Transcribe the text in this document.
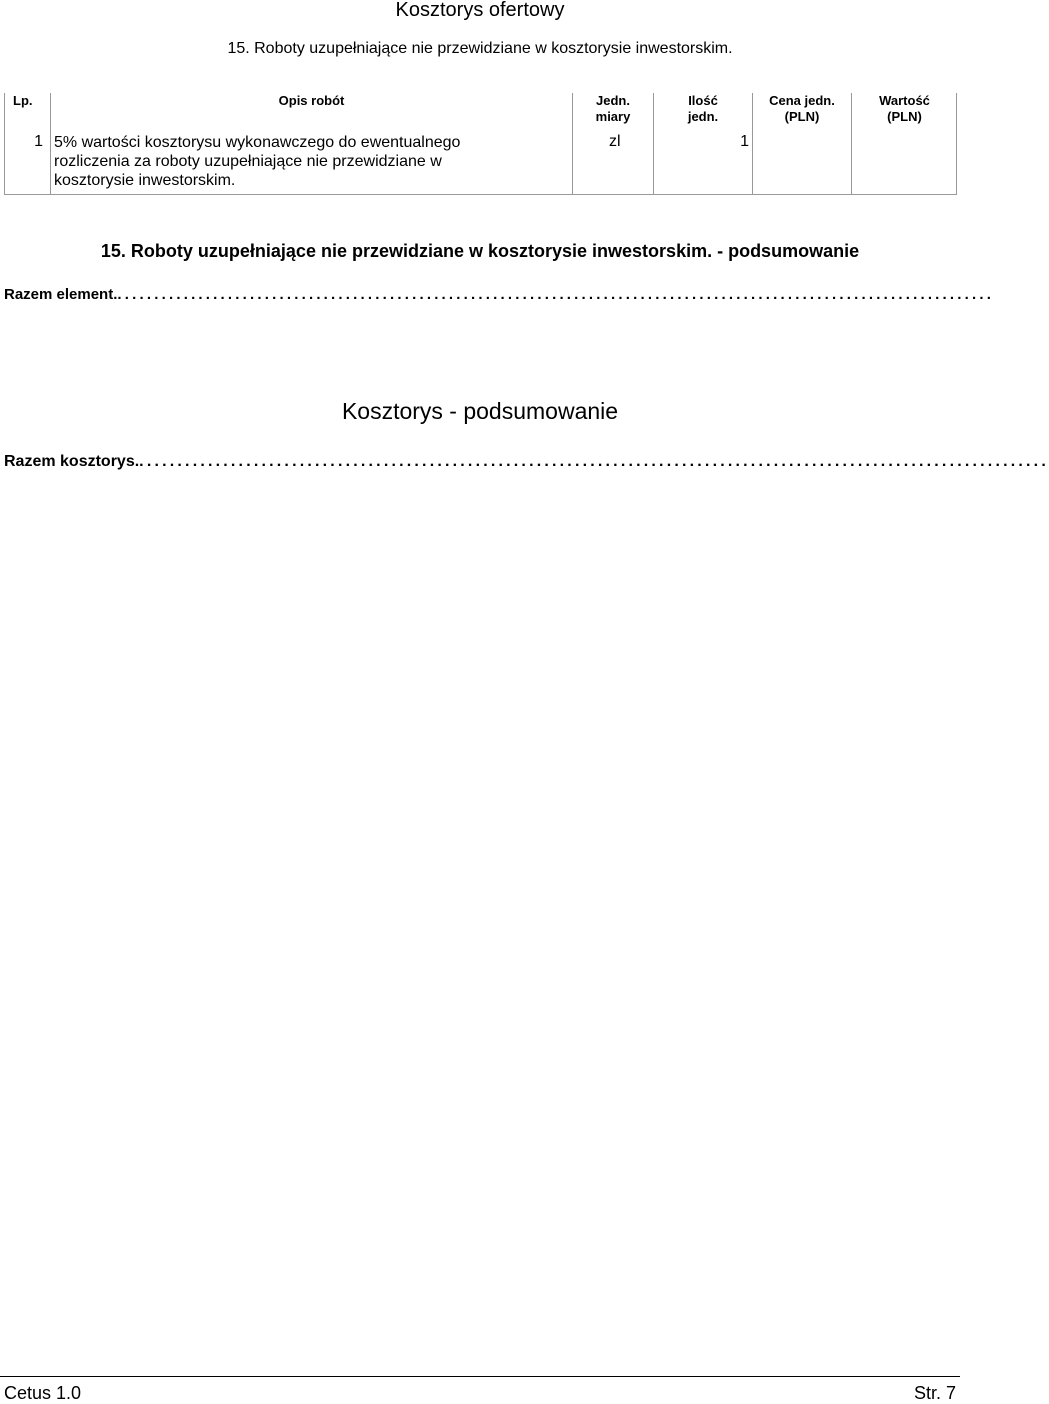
Kosztorys ofertowy
15. Roboty uzupełniające nie przewidziane w kosztorysie inwestorskim.
Lp.
1
Opis robót
5% wartości kosztorysu wykonawczego do ewentualnego rozliczenia za roboty uzupełniające nie przewidziane w kosztorysie inwestorskim.
Jedn.
miary
zl
Ilość
jedn.
1
Cena jedn.
(PLN)
Wartość
(PLN)
15. Roboty uzupełniające nie przewidziane w kosztorysie inwestorskim. - podsumowanie
Razem element........................................................................................................................
Kosztorys - podsumowanie
Razem kosztorys........................................................................................................................
Cetus 1.0	Str. 7
